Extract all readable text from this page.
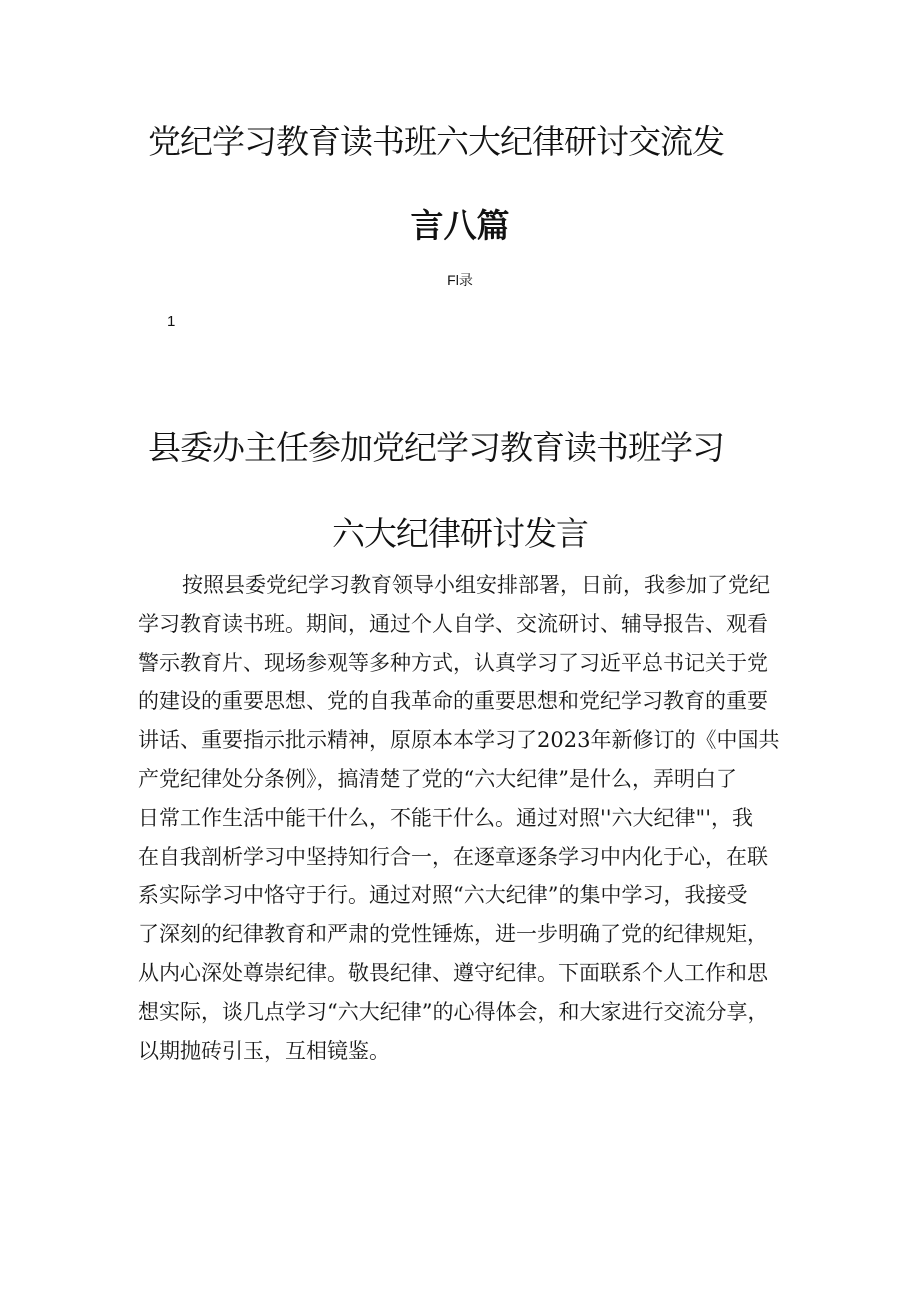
党纪学习教育读书班六大纪律研讨交流发
言八篇
Fl录
1
县委办主任参加党纪学习教育读书班学习
六大纪律研讨发言
按照县委党纪学习教育领导小组安排部署，日前，我参加了党纪
学习教育读书班。期间，通过个人自学、交流研讨、辅导报告、观看
警示教育片、现场参观等多种方式，认真学习了习近平总书记关于党
的建设的重要思想、党的自我革命的重要思想和党纪学习教育的重要
讲话、重要指示批示精神，原原本本学习了2023年新修订的《中国共
产党纪律处分条例》，搞清楚了党的“六大纪律”是什么，弄明白了
日常工作生活中能干什么，不能干什么。通过对照''六大纪律"'，我
在自我剖析学习中坚持知行合一，在逐章逐条学习中内化于心，在联
系实际学习中恪守于行。通过对照“六大纪律”的集中学习，我接受
了深刻的纪律教育和严肃的党性锤炼，进一步明确了党的纪律规矩，
从内心深处尊崇纪律。敬畏纪律、遵守纪律。下面联系个人工作和思
想实际，谈几点学习“六大纪律”的心得体会，和大家进行交流分享，
以期抛砖引玉，互相镜鉴。
